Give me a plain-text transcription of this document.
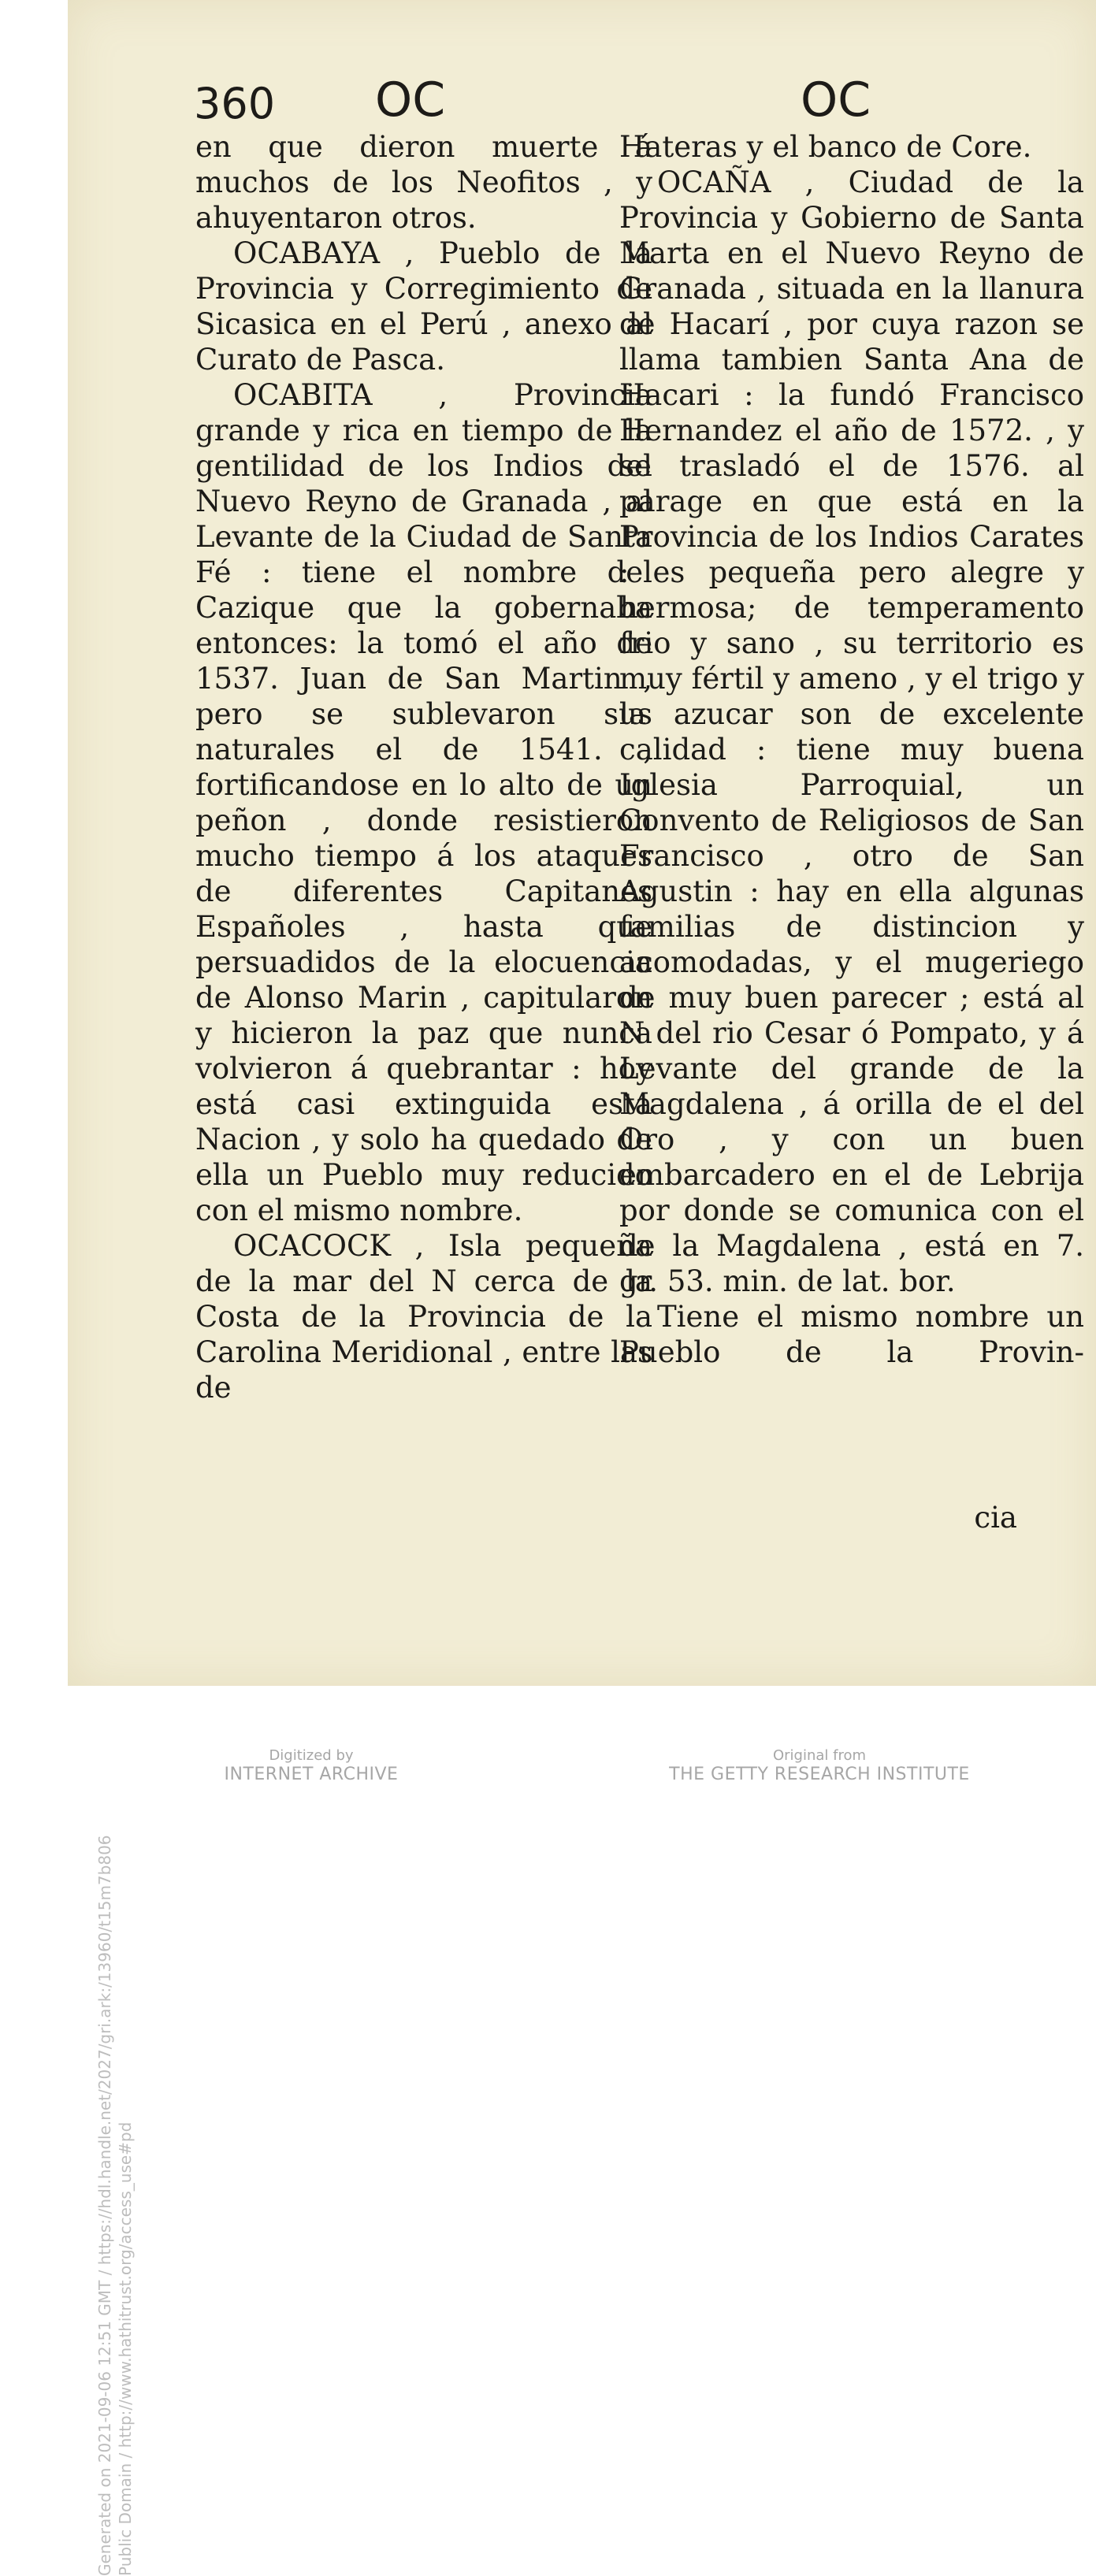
Generated on 2021-09-06 12:51 GMT / https://hdl.handle.net/2027/gri.ark:/13960/t15m7b806 Public Domain / http://www.hathitrust.org/access_use#pd
360 OC	OC

en que dieron muerte á muchos de los Neofitos , y ahuyentaron otros.

OCABAYA , Pueblo de la Provincia y Corregimiento de Sicasica en el Perú , anexo al Curato de Pasca.

OCABITA , Provincia grande y rica en tiempo de la gentilidad de los Indios del Nuevo Reyno de Granada , al Levante de la Ciudad de Santa Fé : tiene el nombre del Cazique que la gobernaba entonces: la tomó el año de 1537. Juan de San Martin , pero se sublevaron sus naturales el de 1541. , fortificandose en lo alto de un peñon , donde resistieron mucho tiempo á los ataques de diferentes Capitanes Españoles , hasta que persuadidos de la elocuencia de Alonso Marin , capitularon y hicieron la paz que nunca volvieron á quebrantar : hoy está casi extinguida esta Nacion , y solo ha quedado de ella un Pueblo muy reducido con el mismo nombre.

OCACOCK , Isla pequeña de la mar del N cerca de la Costa de la Provincia de la Carolina Meridional , entre las de

Hateras y el banco de Core.

OCAÑA , Ciudad de la Provincia y Gobierno de Santa Marta en el Nuevo Reyno de Granada , situada en la llanura de Hacarí , por cuya razon se llama tambien Santa Ana de Hacari : la fundó Francisco Hernandez el año de 1572. , y se trasladó el de 1576. al parage en que está en la Provincia de los Indios Carates : es pequeña pero alegre y hermosa; de temperamento frio y sano , su territorio es muy fértil y ameno , y el trigo y la azucar son de excelente calidad : tiene muy buena Iglesia Parroquial, un Convento de Religiosos de San Francisco , otro de San Agustin : hay en ella algunas familias de distincion y acomodadas, y el mugeriego de muy buen parecer ; está al N del rio Cesar ó Pompato, y á Levante del grande de la Magdalena , á orilla de el del Oro , y con un buen embarcadero en el de Lebrija por donde se comunica con el de la Magdalena , está en 7. gr. 53. min. de lat. bor.

Tiene el mismo nombre un Pueblo de la Provin-

cia
Digitized by
INTERNET ARCHIVE
Original from
THE GETTY RESEARCH INSTITUTE
